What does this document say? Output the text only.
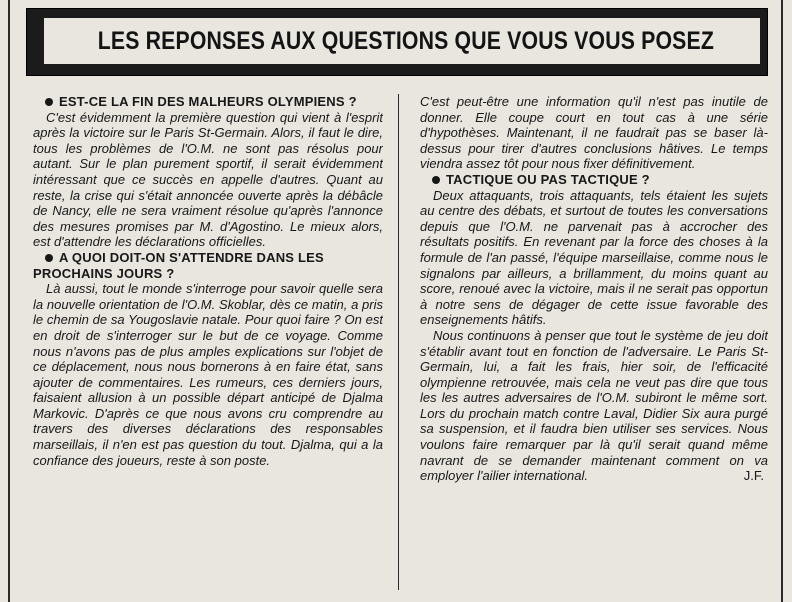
LES REPONSES AUX QUESTIONS QUE VOUS VOUS POSEZ

EST-CE LA FIN DES MALHEURS OLYMPIENS ?

C'est évidemment la première question qui vient à l'esprit après la victoire sur le Paris St-Germain. Alors, il faut le dire, tous les problèmes de l'O.M. ne sont pas résolus pour autant. Sur le plan purement sportif, il serait évidemment intéressant que ce succès en appelle d'autres. Quant au reste, la crise qui s'était annoncée ouverte après la débâcle de Nancy, elle ne sera vraiment résolue qu'après l'annonce des mesures promises par M. d'Agostino. Le mieux alors, est d'attendre les déclarations officielles.

A QUOI DOIT-ON S'ATTENDRE DANS LES PROCHAINS JOURS ?

Là aussi, tout le monde s'interroge pour savoir quelle sera la nouvelle orientation de l'O.M. Skoblar, dès ce matin, a pris le chemin de sa Yougoslavie natale. Pour quoi faire ? On est en droit de s'interroger sur le but de ce voyage. Comme nous n'avons pas de plus amples explications sur l'objet de ce déplacement, nous nous bornerons à en faire état, sans ajouter de commentaires. Les rumeurs, ces derniers jours, faisaient allusion à un possible départ anticipé de Djalma Markovic. D'après ce que nous avons cru comprendre au travers des diverses déclarations des responsables marseillais, il n'en est pas question du tout. Djalma, qui a la confiance des joueurs, reste à son poste.

C'est peut-être une information qu'il n'est pas inutile de donner. Elle coupe court en tout cas à une série d'hypothèses. Maintenant, il ne faudrait pas se baser là-dessus pour tirer d'autres conclusions hâtives. Le temps viendra assez tôt pour nous fixer définitivement.

TACTIQUE OU PAS TACTIQUE ?

Deux attaquants, trois attaquants, tels étaient les sujets au centre des débats, et surtout de toutes les conversations depuis que l'O.M. ne parvenait pas à accrocher des résultats positifs. En revenant par la force des choses à la formule de l'an passé, l'équipe marseillaise, comme nous le signalons par ailleurs, a brillamment, du moins quant au score, renoué avec la victoire, mais il ne serait pas opportun à notre sens de dégager de cette issue favorable des enseignements hâtifs.

Nous continuons à penser que tout le système de jeu doit s'établir avant tout en fonction de l'adversaire. Le Paris St-Germain, lui, a fait les frais, hier soir, de l'efficacité olympienne retrouvée, mais cela ne veut pas dire que tous les les autres adversaires de l'O.M. subiront le même sort. Lors du prochain match contre Laval, Didier Six aura purgé sa suspension, et il faudra bien utiliser ses services. Nous voulons faire remarquer par là qu'il serait quand même navrant de se demander maintenant comment on va employer l'ailier international.	J.F.
